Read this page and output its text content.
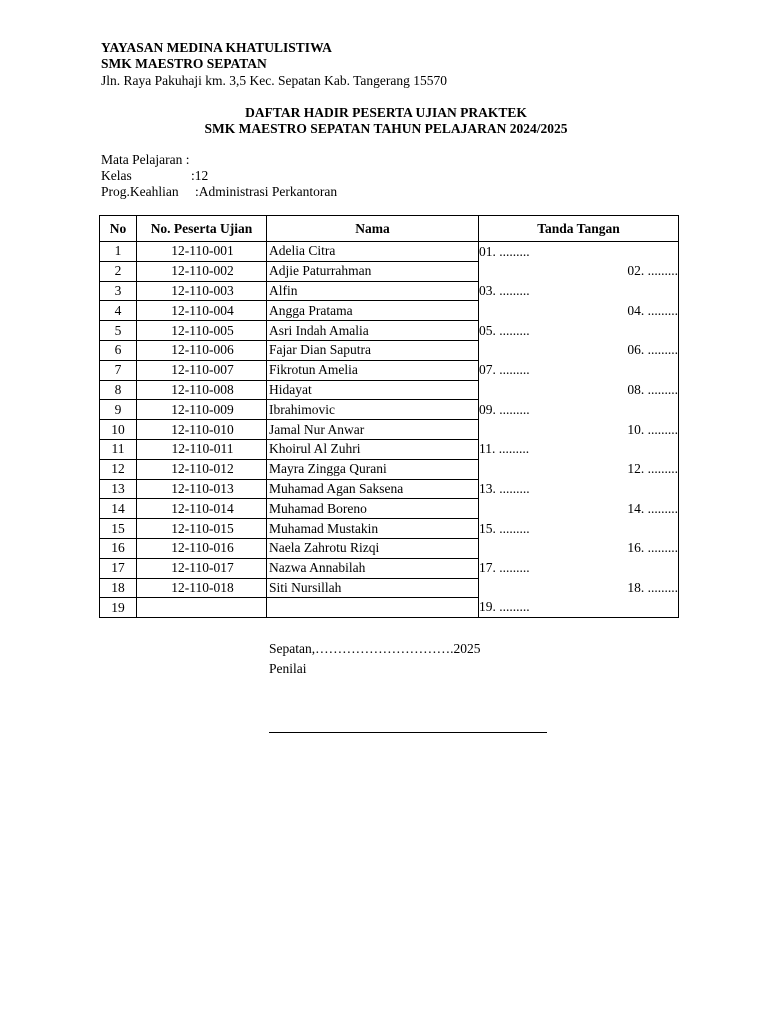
YAYASAN MEDINA KHATULISTIWA
SMK MAESTRO SEPATAN
Jln. Raya Pakuhaji km. 3,5 Kec. Sepatan Kab. Tangerang 15570
DAFTAR HADIR PESERTA UJIAN PRAKTEK
SMK MAESTRO SEPATAN TAHUN PELAJARAN 2024/2025
Mata Pelajaran :
Kelas	:12
Prog.Keahlian :Administrasi Perkantoran
No	No. Peserta Ujian	Nama	Tanda Tangan
1	12-110-001	Adelia Citra	01. .........
2	12-110-002	Adjie Paturrahman	02. .........
3	12-110-003	Alfin	03. .........
4	12-110-004	Angga Pratama	04. .........
5	12-110-005	Asri Indah Amalia	05. .........
6	12-110-006	Fajar Dian Saputra	06. .........
7	12-110-007	Fikrotun Amelia	07. .........
8	12-110-008	Hidayat	08. .........
9	12-110-009	Ibrahimovic	09. .........
10	12-110-010	Jamal Nur Anwar	10. .........
11	12-110-011	Khoirul Al Zuhri	11. .........
12	12-110-012	Mayra Zingga Qurani	12. .........
13	12-110-013	Muhamad Agan Saksena	13. .........
14	12-110-014	Muhamad Boreno	14. .........
15	12-110-015	Muhamad Mustakin	15. .........
16	12-110-016	Naela Zahrotu Rizqi	16. .........
17	12-110-017	Nazwa Annabilah	17. .........
18	12-110-018	Siti Nursillah	18. .........
19			19. .........
Sepatan,………………………….2025
Penilai
